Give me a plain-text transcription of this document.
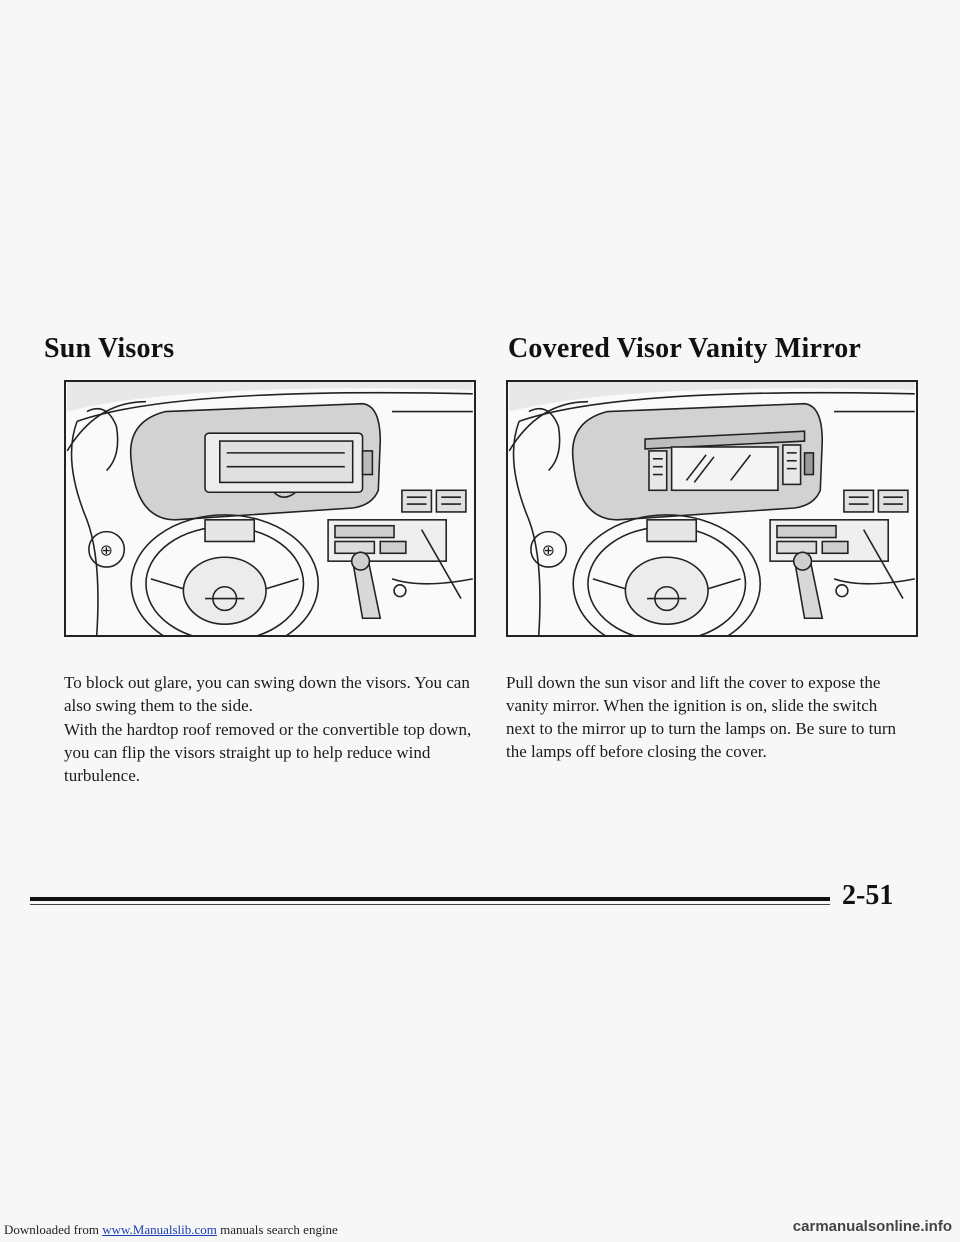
Sun Visors	Covered Visor Vanity Mirror
⊕	⊕

To block out glare, you can swing down the visors. You can also swing them to the side.

With the hardtop roof removed or the convertible top down, you can flip the visors straight up to help reduce wind turbulence.

Pull down the sun visor and lift the cover to expose the vanity mirror. When the ignition is on, slide the switch next to the mirror up to turn the lamps on. Be sure to turn the lamps off before closing the cover.

2-51

Downloaded from www.Manualslib.com manuals search engine	carmanualsonline.info
